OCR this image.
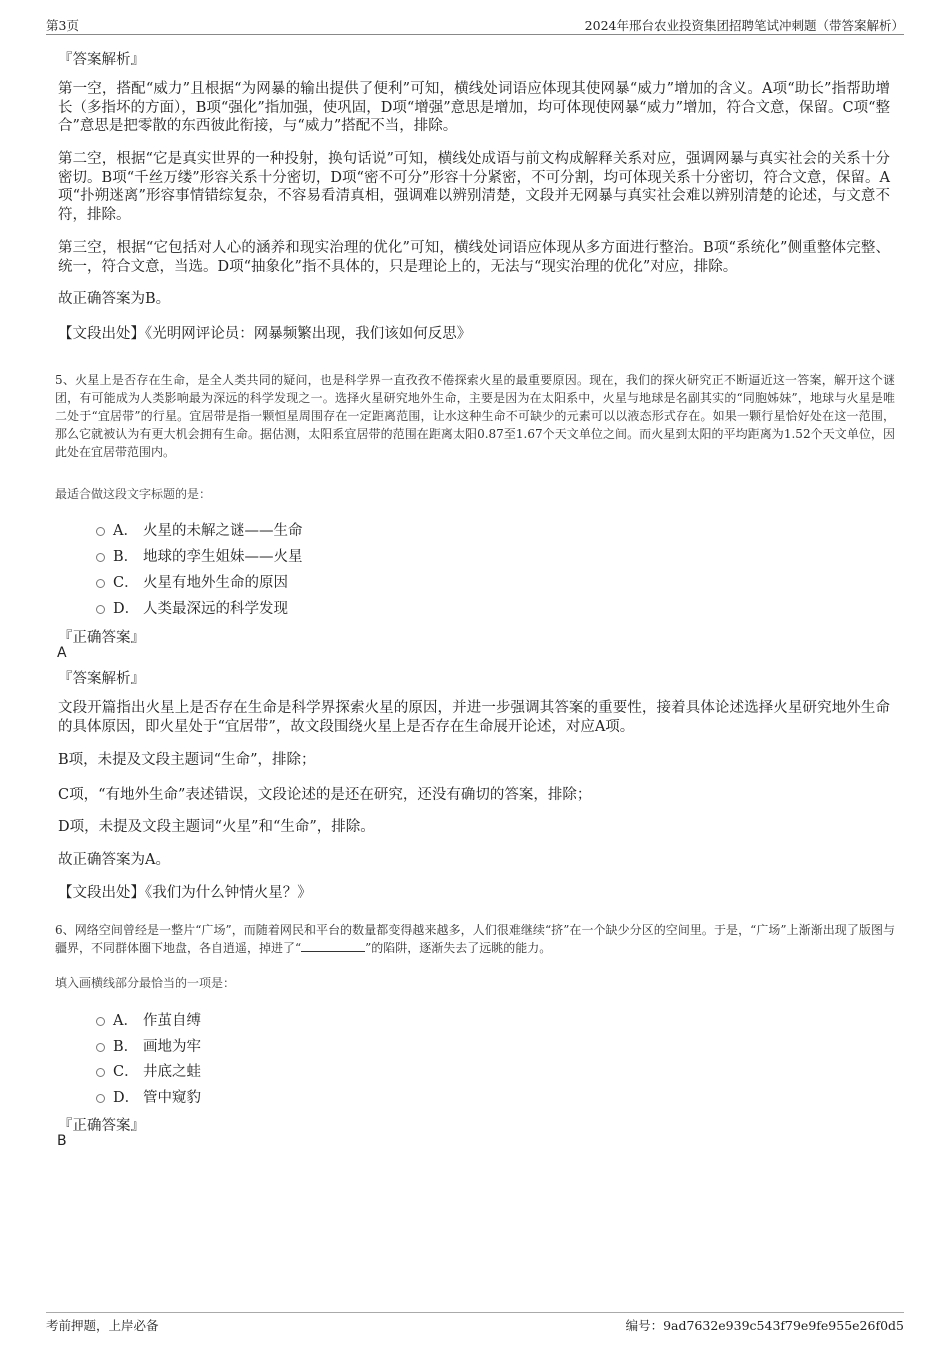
第3页	2024年邢台农业投资集团招聘笔试冲刺题（带答案解析）
『答案解析』
第一空，搭配“威力”且根据“为网暴的输出提供了便利”可知，横线处词语应体现其使网暴“威力”增加的含义。A项“助长”指帮助增长（多指坏的方面），B项“强化”指加强，使巩固，D项“增强”意思是增加，均可体现使网暴“威力”增加，符合文意，保留。C项“整合”意思是把零散的东西彼此衔接，与“威力”搭配不当，排除。
第二空，根据“它是真实世界的一种投射，换句话说”可知，横线处成语与前文构成解释关系对应，强调网暴与真实社会的关系十分密切。B项“千丝万缕”形容关系十分密切，D项“密不可分”形容十分紧密，不可分割，均可体现关系十分密切，符合文意，保留。A项“扑朔迷离”形容事情错综复杂，不容易看清真相，强调难以辨别清楚，文段并无网暴与真实社会难以辨别清楚的论述，与文意不符，排除。
第三空，根据“它包括对人心的涵养和现实治理的优化”可知，横线处词语应体现从多方面进行整治。B项“系统化”侧重整体完整、统一，符合文意，当选。D项“抽象化”指不具体的，只是理论上的，无法与“现实治理的优化”对应，排除。
故正确答案为B。
【文段出处】《光明网评论员：网暴频繁出现，我们该如何反思》
5、火星上是否存在生命，是全人类共同的疑问，也是科学界一直孜孜不倦探索火星的最重要原因。现在，我们的探火研究正不断逼近这一答案，解开这个谜团，有可能成为人类影响最为深远的科学发现之一。选择火星研究地外生命，主要是因为在太阳系中，火星与地球是名副其实的“同胞姊妹”，地球与火星是唯二处于“宜居带”的行星。宜居带是指一颗恒星周围存在一定距离范围，让水这种生命不可缺少的元素可以以液态形式存在。如果一颗行星恰好处在这一范围，那么它就被认为有更大机会拥有生命。据估测，太阳系宜居带的范围在距离太阳0.87至1.67个天文单位之间。而火星到太阳的平均距离为1.52个天文单位，因此处在宜居带范围内。
最适合做这段文字标题的是：
A． 火星的未解之谜——生命
B． 地球的孪生姐妹——火星
C． 火星有地外生命的原因
D． 人类最深远的科学发现
『正确答案』
A
『答案解析』
文段开篇指出火星上是否存在生命是科学界探索火星的原因，并进一步强调其答案的重要性，接着具体论述选择火星研究地外生命的具体原因，即火星处于“宜居带”，故文段围绕火星上是否存在生命展开论述，对应A项。
B项，未提及文段主题词“生命”，排除；
C项，“有地外生命”表述错误，文段论述的是还在研究，还没有确切的答案，排除；
D项，未提及文段主题词“火星”和“生命”，排除。
故正确答案为A。
【文段出处】《我们为什么钟情火星？》
6、网络空间曾经是一整片“广场”，而随着网民和平台的数量都变得越来越多，人们很难继续“挤”在一个缺少分区的空间里。于是，“广场”上渐渐出现了版图与疆界，不同群体圈下地盘，各自逍遥，掉进了“	”的陷阱，逐渐失去了远眺的能力。
填入画横线部分最恰当的一项是：
A． 作茧自缚
B． 画地为牢
C． 井底之蛙
D． 管中窥豹
『正确答案』
B
考前押题，上岸必备	编号：9ad7632e939c543f79e9fe955e26f0d5
